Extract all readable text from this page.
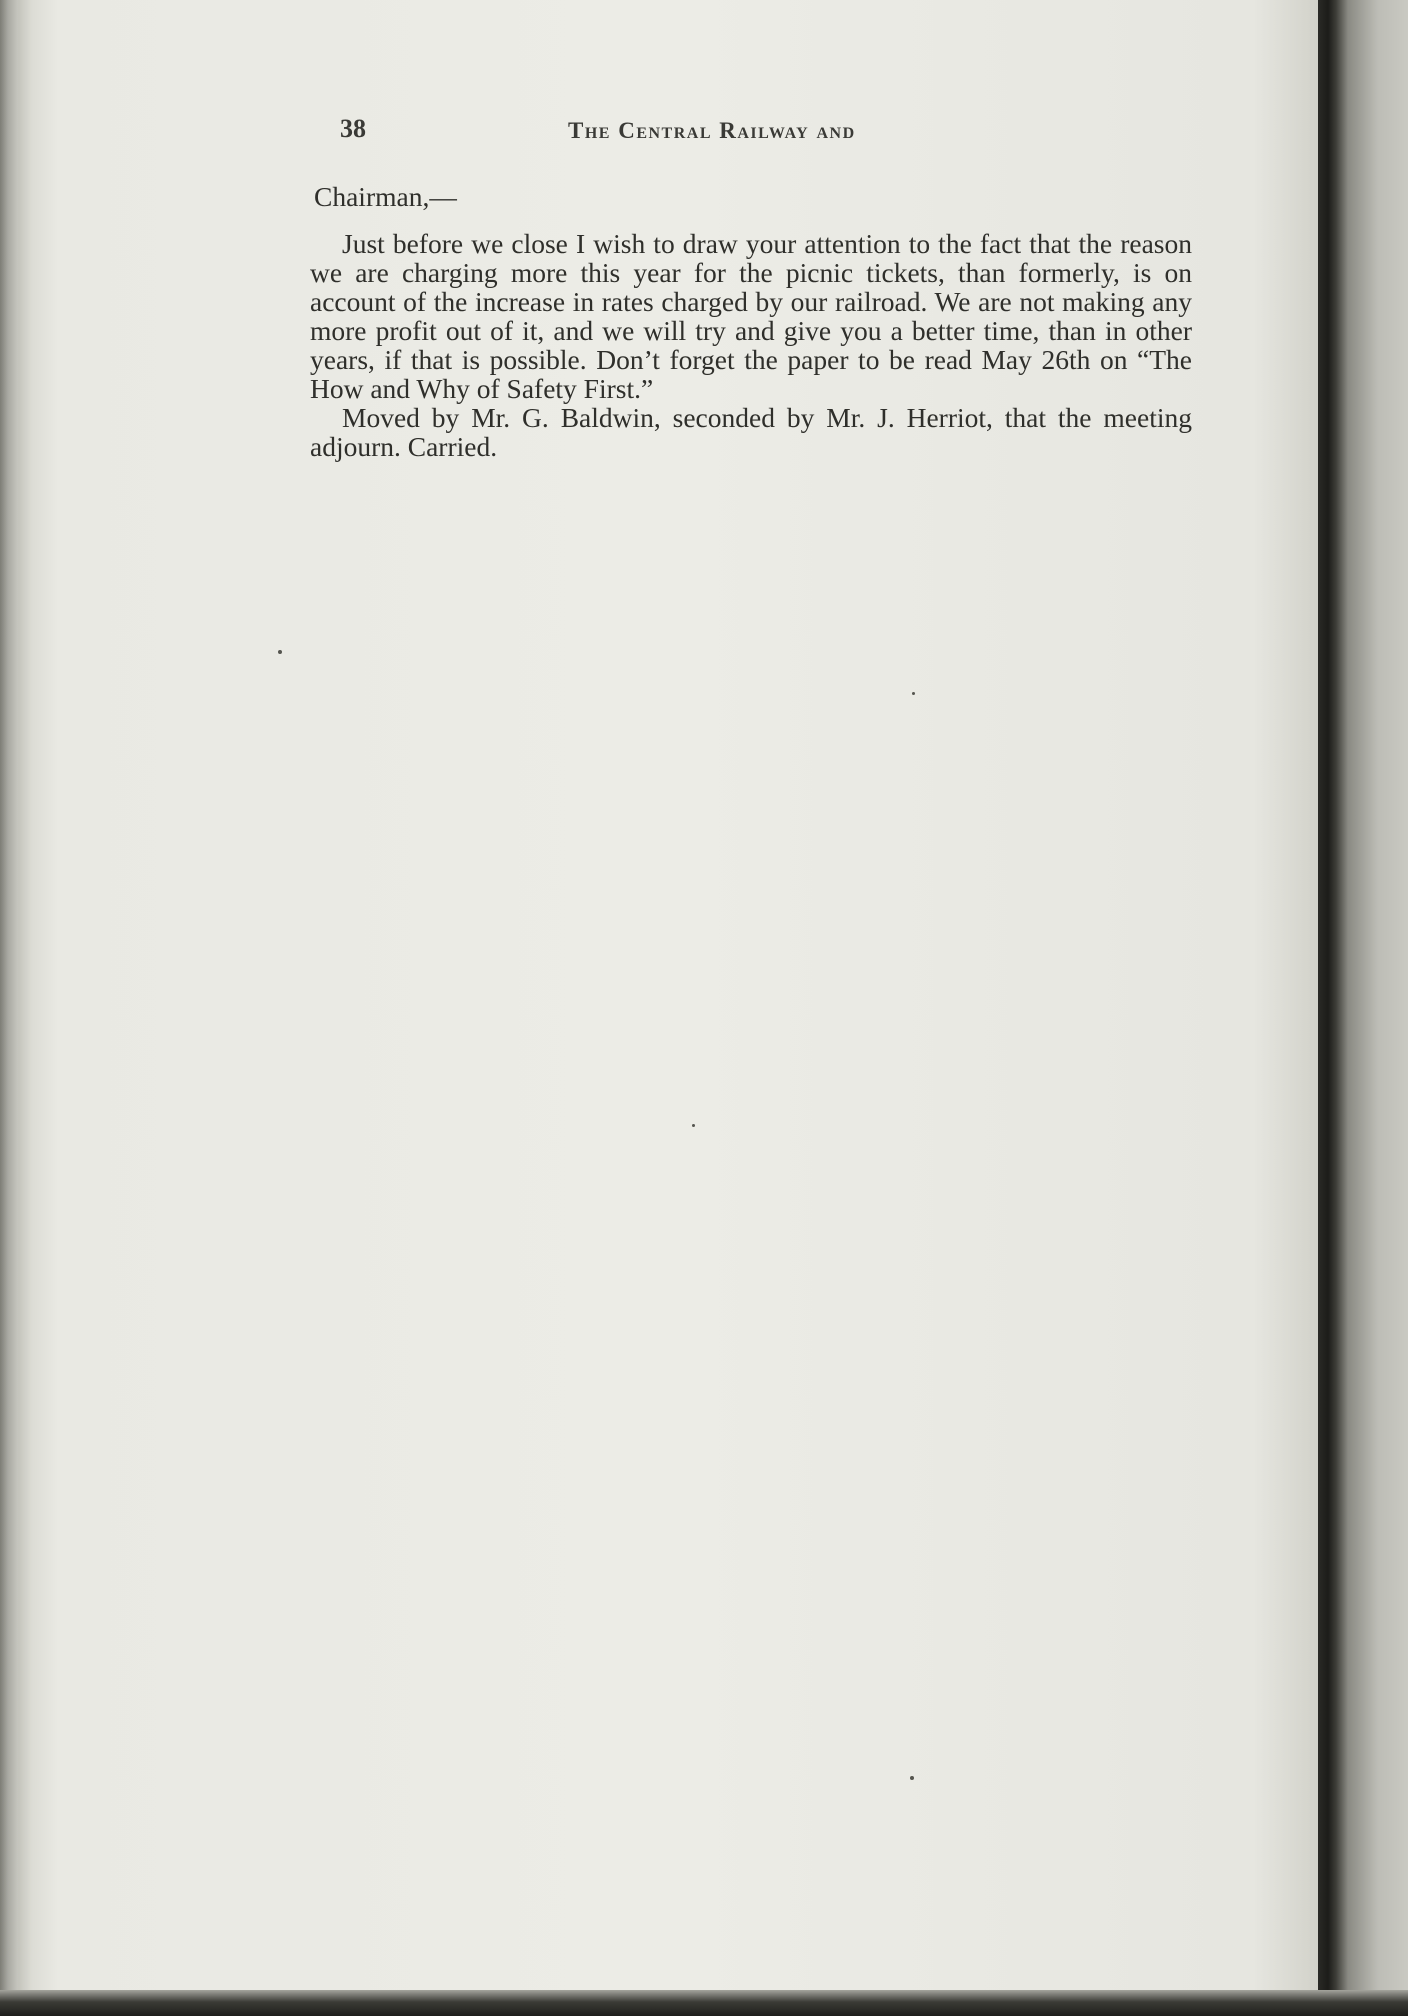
38	The Central Railway and

Chairman,—

Just before we close I wish to draw your attention to the fact that the reason we are charging more this year for the picnic tickets, than formerly, is on account of the increase in rates charged by our railroad. We are not making any more profit out of it, and we will try and give you a better time, than in other years, if that is possible. Don’t forget the paper to be read May 26th on “The How and Why of Safety First.”

Moved by Mr. G. Baldwin, seconded by Mr. J. Herriot, that the meeting adjourn. Carried.
